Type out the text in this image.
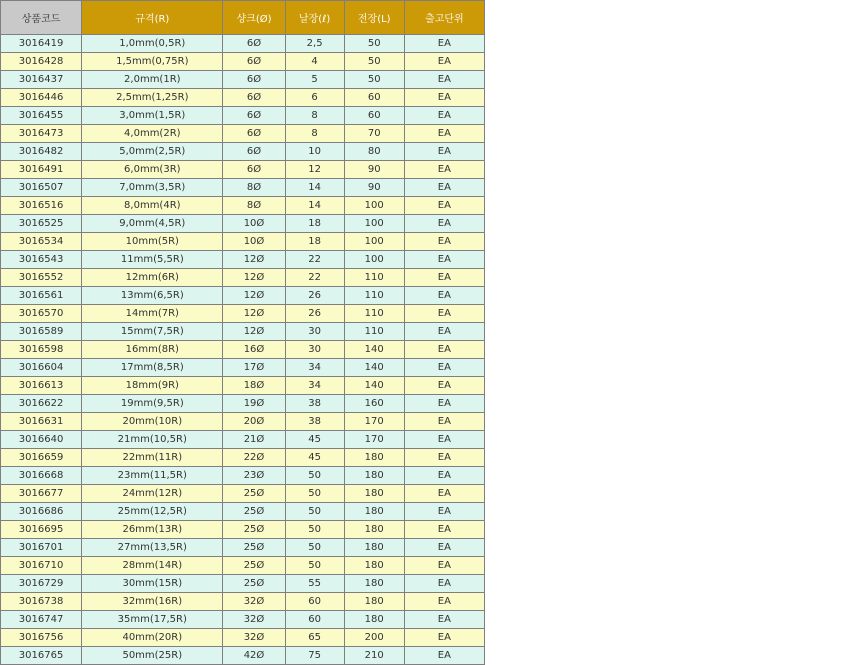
상품코드	규격(R)	샹크(Ø)	날장(ℓ)	전장(L)	출고단위
3016419	1,0mm(0,5R)	6Ø	2,5	50	EA
3016428	1,5mm(0,75R)	6Ø	4	50	EA
3016437	2,0mm(1R)	6Ø	5	50	EA
3016446	2,5mm(1,25R)	6Ø	6	60	EA
3016455	3,0mm(1,5R)	6Ø	8	60	EA
3016473	4,0mm(2R)	6Ø	8	70	EA
3016482	5,0mm(2,5R)	6Ø	10	80	EA
3016491	6,0mm(3R)	6Ø	12	90	EA
3016507	7,0mm(3,5R)	8Ø	14	90	EA
3016516	8,0mm(4R)	8Ø	14	100	EA
3016525	9,0mm(4,5R)	10Ø	18	100	EA
3016534	10mm(5R)	10Ø	18	100	EA
3016543	11mm(5,5R)	12Ø	22	100	EA
3016552	12mm(6R)	12Ø	22	110	EA
3016561	13mm(6,5R)	12Ø	26	110	EA
3016570	14mm(7R)	12Ø	26	110	EA
3016589	15mm(7,5R)	12Ø	30	110	EA
3016598	16mm(8R)	16Ø	30	140	EA
3016604	17mm(8,5R)	17Ø	34	140	EA
3016613	18mm(9R)	18Ø	34	140	EA
3016622	19mm(9,5R)	19Ø	38	160	EA
3016631	20mm(10R)	20Ø	38	170	EA
3016640	21mm(10,5R)	21Ø	45	170	EA
3016659	22mm(11R)	22Ø	45	180	EA
3016668	23mm(11,5R)	23Ø	50	180	EA
3016677	24mm(12R)	25Ø	50	180	EA
3016686	25mm(12,5R)	25Ø	50	180	EA
3016695	26mm(13R)	25Ø	50	180	EA
3016701	27mm(13,5R)	25Ø	50	180	EA
3016710	28mm(14R)	25Ø	50	180	EA
3016729	30mm(15R)	25Ø	55	180	EA
3016738	32mm(16R)	32Ø	60	180	EA
3016747	35mm(17,5R)	32Ø	60	180	EA
3016756	40mm(20R)	32Ø	65	200	EA
3016765	50mm(25R)	42Ø	75	210	EA
